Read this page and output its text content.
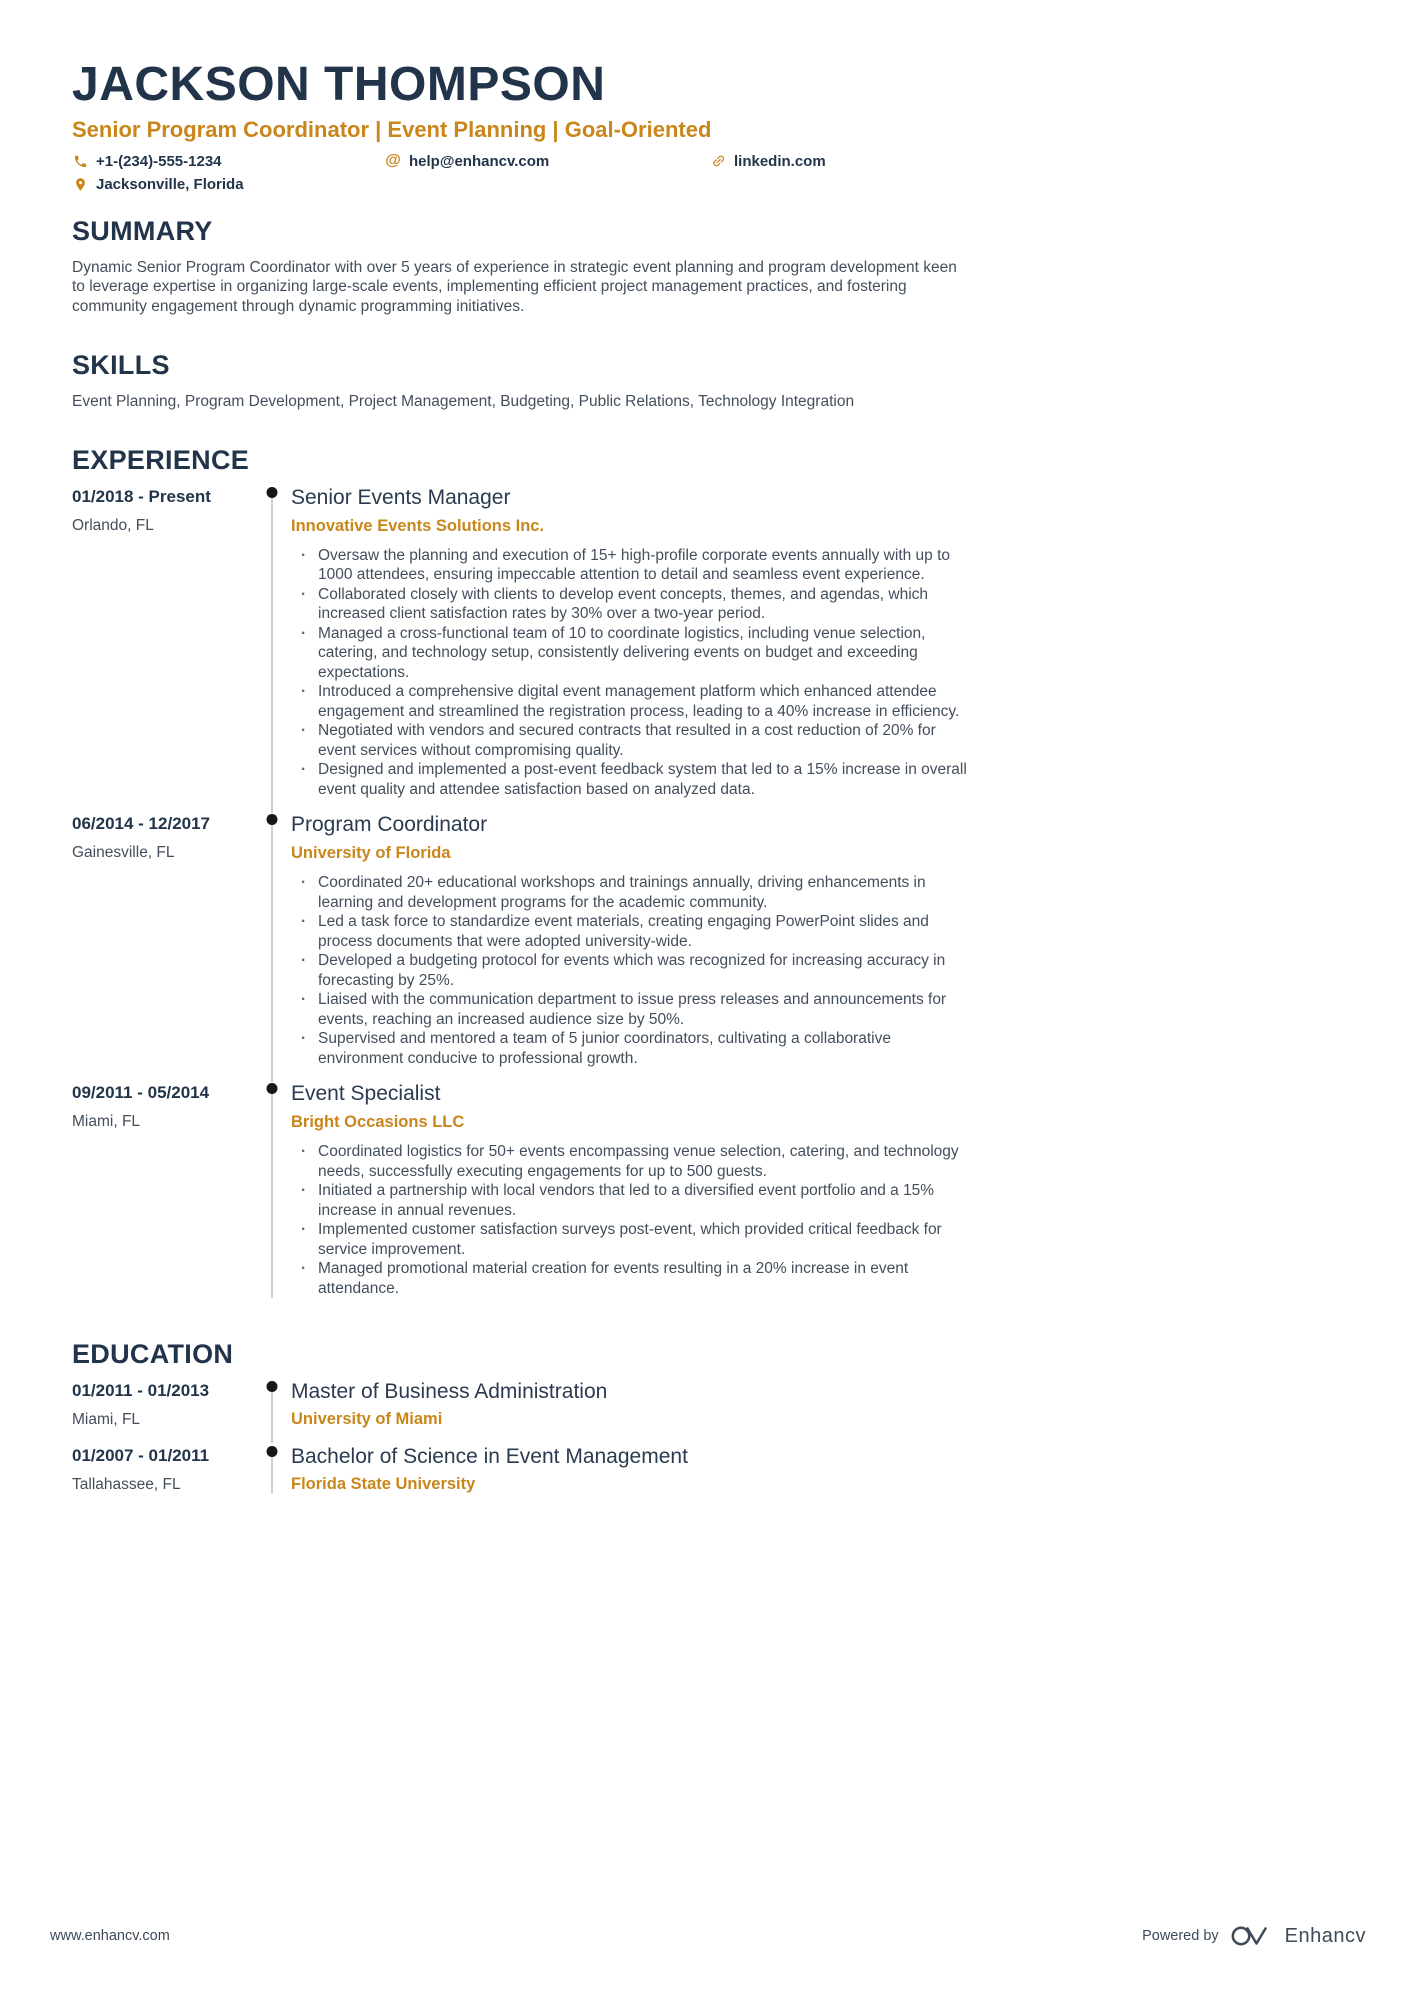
JACKSON THOMPSON
Senior Program Coordinator | Event Planning | Goal-Oriented
+1-(234)-555-1234	@ help@enhancv.com	linkedin.com
Jacksonville, Florida
SUMMARY

Dynamic Senior Program Coordinator with over 5 years of experience in strategic event planning and program development keen to leverage expertise in organizing large-scale events, implementing efficient project management practices, and fostering community engagement through dynamic programming initiatives.

SKILLS

Event Planning, Program Development, Project Management, Budgeting, Public Relations, Technology Integration

EXPERIENCE
01/2018 - Present
Orlando, FL
Senior Events Manager
Innovative Events Solutions Inc.
· Oversaw the planning and execution of 15+ high-profile corporate events annually with up to 1000 attendees, ensuring impeccable attention to detail and seamless event experience.
· Collaborated closely with clients to develop event concepts, themes, and agendas, which increased client satisfaction rates by 30% over a two-year period.
· Managed a cross-functional team of 10 to coordinate logistics, including venue selection, catering, and technology setup, consistently delivering events on budget and exceeding expectations.
· Introduced a comprehensive digital event management platform which enhanced attendee engagement and streamlined the registration process, leading to a 40% increase in efficiency.
· Negotiated with vendors and secured contracts that resulted in a cost reduction of 20% for event services without compromising quality.
· Designed and implemented a post-event feedback system that led to a 15% increase in overall event quality and attendee satisfaction based on analyzed data.
06/2014 - 12/2017
Gainesville, FL
Program Coordinator
University of Florida
· Coordinated 20+ educational workshops and trainings annually, driving enhancements in learning and development programs for the academic community.
· Led a task force to standardize event materials, creating engaging PowerPoint slides and process documents that were adopted university-wide.
· Developed a budgeting protocol for events which was recognized for increasing accuracy in forecasting by 25%.
· Liaised with the communication department to issue press releases and announcements for events, reaching an increased audience size by 50%.
· Supervised and mentored a team of 5 junior coordinators, cultivating a collaborative environment conducive to professional growth.
09/2011 - 05/2014
Miami, FL
Event Specialist
Bright Occasions LLC
· Coordinated logistics for 50+ events encompassing venue selection, catering, and technology needs, successfully executing engagements for up to 500 guests.
· Initiated a partnership with local vendors that led to a diversified event portfolio and a 15% increase in annual revenues.
· Implemented customer satisfaction surveys post-event, which provided critical feedback for service improvement.
· Managed promotional material creation for events resulting in a 20% increase in event attendance.
EDUCATION
01/2011 - 01/2013
Miami, FL
Master of Business Administration
University of Miami
01/2007 - 01/2011
Tallahassee, FL
Bachelor of Science in Event Management
Florida State University
www.enhancv.com	Powered by	Enhancv
